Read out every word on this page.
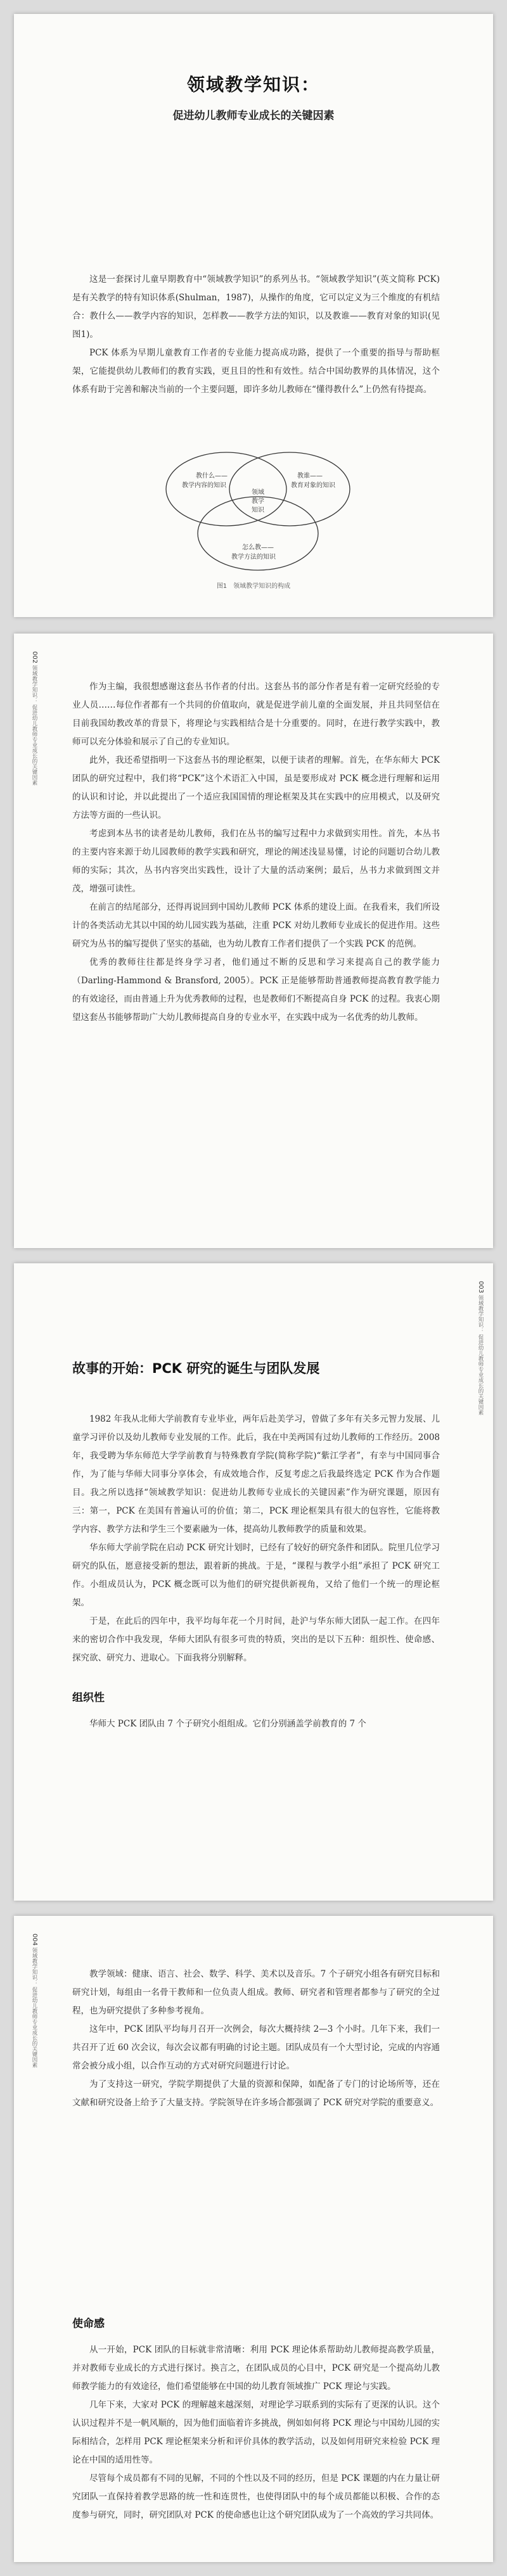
领域教学知识：
促进幼儿教师专业成长的关键因素

这是一套探讨儿童早期教育中“领域教学知识”的系列丛书。“领域教学知识”(英文简称 PCK)是有关教学的特有知识体系(Shulman，1987)，从操作的角度，它可以定义为三个维度的有机结合：教什么——教学内容的知识，怎样教——教学方法的知识，以及教谁——教育对象的知识(见图1)。

PCK 体系为早期儿童教育工作者的专业能力提高成功路，提供了一个重要的指导与帮助框架，它能提供幼儿教师们的教育实践，更且目的性和有效性。结合中国幼教界的具体情况，这个体系有助于完善和解决当前的一个主要问题，即许多幼儿教师在“懂得教什么”上仍然有待提高。

教什么——
教学内容的知识
教谁——
教育对象的知识
怎么教——
教学方法的知识
领域
教学
知识
图1　领域教学知识的构成
002 领域教学知识： 促进幼儿教师专业成长的关键因素

作为主编，我很想感谢这套丛书作者的付出。这套丛书的部分作者是有着一定研究经验的专业人员……每位作者都有一个共同的价值取向，就是促进学前儿童的全面发展，并且共同坚信在目前我国幼教改革的背景下，将理论与实践相结合是十分重要的。同时，在进行教学实践中，教师可以充分体验和展示了自己的专业知识。

此外，我还希望指明一下这套丛书的理论框架，以便于读者的理解。首先，在华东师大 PCK 团队的研究过程中，我们将“PCK”这个术语汇入中国，虽是要形成对 PCK 概念进行理解和运用的认识和讨论，并以此提出了一个适应我国国情的理论框架及其在实践中的应用模式，以及研究方法等方面的一些认识。

考虑到本丛书的读者是幼儿教师，我们在丛书的编写过程中力求做到实用性。首先，本丛书的主要内容来源于幼儿园教师的教学实践和研究，理论的阐述浅显易懂，讨论的问题切合幼儿教师的实际；其次，丛书内容突出实践性，设计了大量的活动案例；最后，丛书力求做到图文并茂，增强可读性。

在前言的结尾部分，还得再说回到中国幼儿教师 PCK 体系的建设上面。在我看来，我们所设计的各类活动尤其以中国的幼儿园实践为基础，注重 PCK 对幼儿教师专业成长的促进作用。这些研究为丛书的编写提供了坚实的基础，也为幼儿教育工作者们提供了一个实践 PCK 的范例。

优秀的教师往往都是终身学习者，他们通过不断的反思和学习来提高自己的教学能力（Darling-Hammond & Bransford, 2005）。PCK 正是能够帮助普通教师提高教育教学能力的有效途径，而由普通上升为优秀教师的过程，也是教师们不断提高自身 PCK 的过程。我衷心期望这套丛书能够帮助广大幼儿教师提高自身的专业水平，在实践中成为一名优秀的幼儿教师。

003 领域教学知识： 促进幼儿教师专业成长的关键因素
故事的开始：PCK 研究的诞生与团队发展

1982 年我从北师大学前教育专业毕业，两年后赴美学习，曾做了多年有关多元智力发展、儿童学习评价以及幼儿教师专业发展的工作。此后，我在中美两国有过幼儿教师的工作经历。2008 年，我受聘为华东师范大学学前教育与特殊教育学院(简称学院)“紫江学者”，有幸与中国同事合作，为了能与华师大同事分享体会，有成效地合作，反复考虑之后我最终选定 PCK 作为合作题目。我之所以选择“领域教学知识：促进幼儿教师专业成长的关键因素”作为研究课题，原因有三：第一，PCK 在美国有普遍认可的价值；第二，PCK 理论框架具有很大的包容性，它能将教学内容、教学方法和学生三个要素融为一体，提高幼儿教师教学的质量和效果。

华东师大学前学院在启动 PCK 研究计划时，已经有了较好的研究条件和团队。院里几位学习研究的队伍，愿意接受新的想法，跟着新的挑战。于是，“课程与教学小组”承担了 PCK 研究工作。小组成员认为，PCK 概念既可以为他们的研究提供新视角，又给了他们一个统一的理论框架。

于是，在此后的四年中，我平均每年花一个月时间，赴沪与华东师大团队一起工作。在四年来的密切合作中我发现，华师大团队有很多可贵的特质，突出的是以下五种：组织性、使命感、探究欲、研究力、进取心。下面我将分别解释。

组织性

华师大 PCK 团队由 7 个子研究小组组成。它们分别涵盖学前教育的 7 个

004 领域教学知识： 促进幼儿教师专业成长的关键因素

教学领域：健康、语言、社会、数学、科学、美术以及音乐。7 个子研究小组各有研究目标和研究计划，每组由一名骨干教师和一位负责人组成。教师、研究者和管理者都参与了研究的全过程，也为研究提供了多种参考视角。

这年中，PCK 团队平均每月召开一次例会，每次大概持续 2—3 个小时。几年下来，我们一共召开了近 60 次会议，每次会议都有明确的讨论主题。团队成员有一个大型讨论，完成的内容通常会被分成小组，以合作互动的方式对研究问题进行讨论。

为了支持这一研究，学院学期提供了大量的资源和保障，如配备了专门的讨论场所等，还在文献和研究设备上给予了大量支持。学院领导在许多场合都强调了 PCK 研究对学院的重要意义。

使命感

从一开始，PCK 团队的目标就非常清晰：利用 PCK 理论体系帮助幼儿教师提高教学质量，并对教师专业成长的方式进行探讨。换言之，在团队成员的心目中，PCK 研究是一个提高幼儿教师教学能力的有效途径，他们希望能够在中国的幼儿教育领域推广 PCK 理论与实践。

几年下来，大家对 PCK 的理解越来越深刻，对理论学习联系到的实际有了更深的认识。这个认识过程并不是一帆风顺的，因为他们面临着许多挑战，例如如何将 PCK 理论与中国幼儿园的实际相结合，怎样用 PCK 理论框架来分析和评价具体的教学活动，以及如何用研究来检验 PCK 理论在中国的适用性等。

尽管每个成员都有不同的见解，不同的个性以及不同的经历，但是 PCK 课题的内在力量让研究团队一直保持着教学思路的统一性和连贯性，也使得团队中的每个成员都能以积极、合作的态度参与研究，同时，研究团队对 PCK 的使命感也让这个研究团队成为了一个高效的学习共同体。
